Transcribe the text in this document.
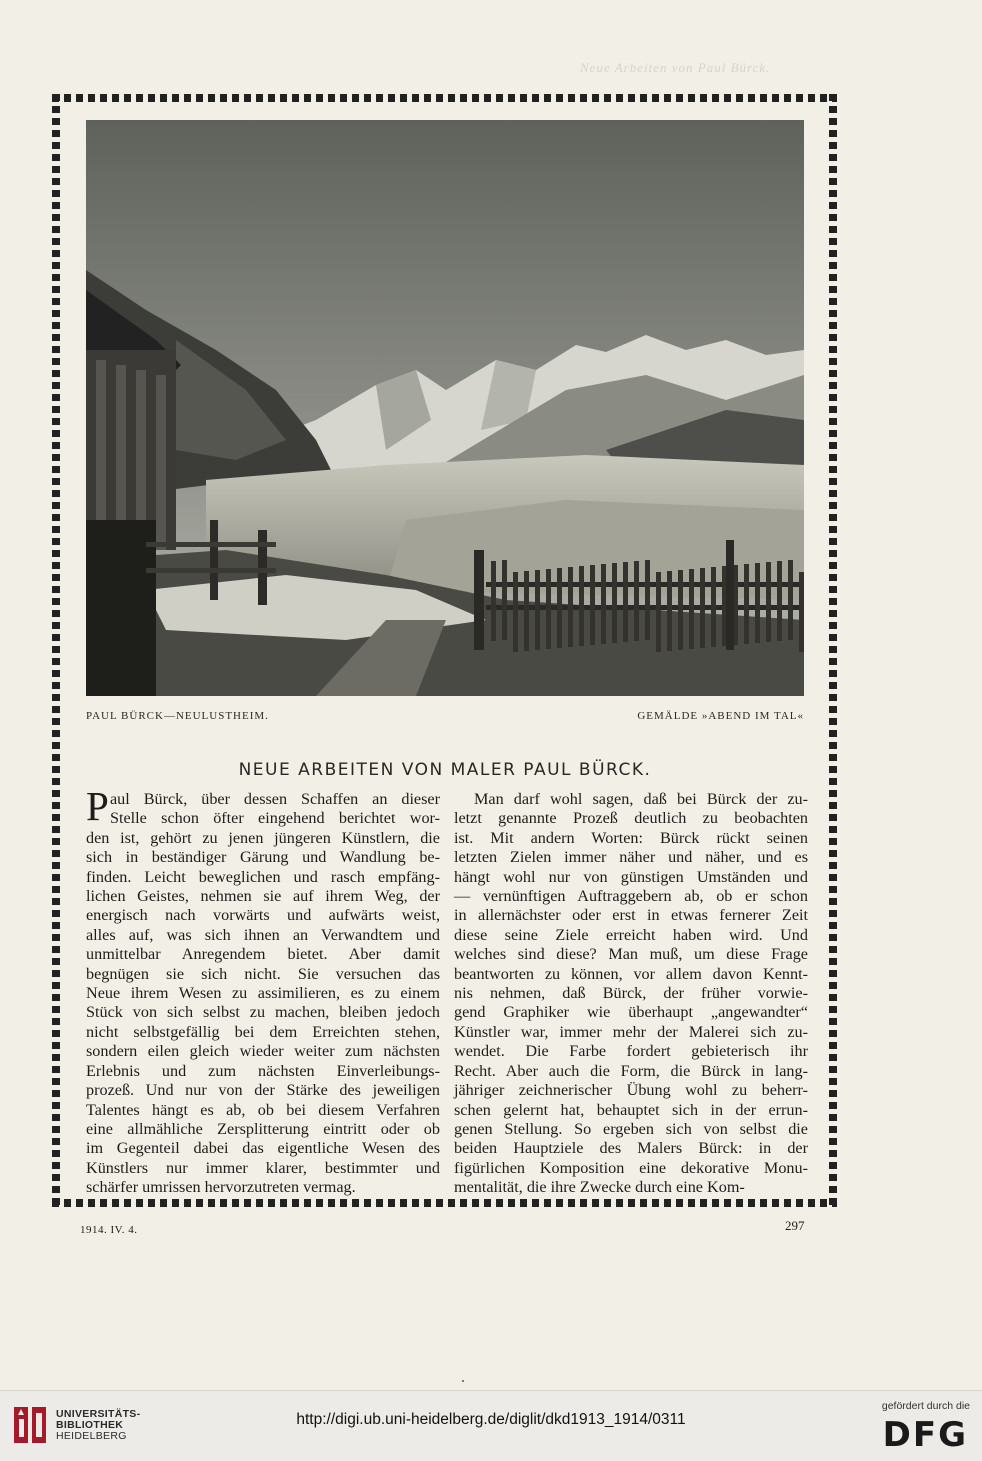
Neue Arbeiten von Paul Bürck.
PAUL BÜRCK—NEULUSTHEIM.	GEMÄLDE »ABEND IM TAL«
NEUE ARBEITEN VON MALER PAUL BÜRCK.
P aul Bürck, über dessen Schaffen an dieser
Stelle schon öfter eingehend berichtet wor-
den ist, gehört zu jenen jüngeren Künstlern, die
sich in beständiger Gärung und Wandlung be-
finden. Leicht beweglichen und rasch empfäng-
lichen Geistes, nehmen sie auf ihrem Weg, der
energisch nach vorwärts und aufwärts weist,
alles auf, was sich ihnen an Verwandtem und
unmittelbar Anregendem bietet. Aber damit
begnügen sie sich nicht. Sie versuchen das
Neue ihrem Wesen zu assimilieren, es zu einem
Stück von sich selbst zu machen, bleiben jedoch
nicht selbstgefällig bei dem Erreichten stehen,
sondern eilen gleich wieder weiter zum nächsten
Erlebnis und zum nächsten Einverleibungs-
prozeß. Und nur von der Stärke des jeweiligen
Talentes hängt es ab, ob bei diesem Verfahren
eine allmähliche Zersplitterung eintritt oder ob
im Gegenteil dabei das eigentliche Wesen des
Künstlers nur immer klarer, bestimmter und
schärfer umrissen hervorzutreten vermag.
Man darf wohl sagen, daß bei Bürck der zu-
letzt genannte Prozeß deutlich zu beobachten
ist. Mit andern Worten: Bürck rückt seinen
letzten Zielen immer näher und näher, und es
hängt wohl nur von günstigen Umständen und
— vernünftigen Auftraggebern ab, ob er schon
in allernächster oder erst in etwas fernerer Zeit
diese seine Ziele erreicht haben wird. Und
welches sind diese? Man muß, um diese Frage
beantworten zu können, vor allem davon Kennt-
nis nehmen, daß Bürck, der früher vorwie-
gend Graphiker wie überhaupt „angewandter“
Künstler war, immer mehr der Malerei sich zu-
wendet. Die Farbe fordert gebieterisch ihr
Recht. Aber auch die Form, die Bürck in lang-
jähriger zeichnerischer Übung wohl zu beherr-
schen gelernt hat, behauptet sich in der errun-
genen Stellung. So ergeben sich von selbst die
beiden Hauptziele des Malers Bürck: in der
figürlichen Komposition eine dekorative Monu-
mentalität, die ihre Zwecke durch eine Kom-
1914. IV. 4.	297
UNIVERSITÄTS-
BIBLIOTHEK
HEIDELBERG
http://digi.ub.uni-heidelberg.de/diglit/dkd1913_1914/0311
gefördert durch die
DFG
